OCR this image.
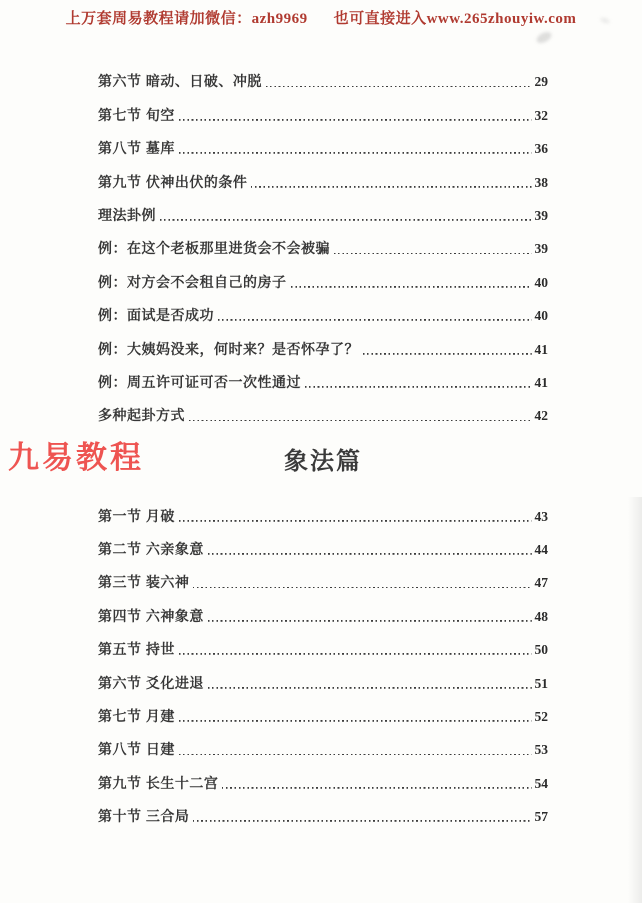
上万套周易教程请加微信：azh9969 也可直接进入www.265zhouyiw.com
第六节 暗动、日破、冲脱	29
第七节 旬空	32
第八节 墓库	36
第九节 伏神出伏的条件	38
理法卦例	39
例：在这个老板那里进货会不会被骗	39
例：对方会不会租自己的房子	40
例：面试是否成功	40
例：大姨妈没来，何时来？是否怀孕了？	41
例：周五许可证可否一次性通过	41
多种起卦方式	42
象法篇
第一节 月破	43
第二节 六亲象意	44
第三节 装六神	47
第四节 六神象意	48
第五节 持世	50
第六节 爻化进退	51
第七节 月建	52
第八节 日建	53
第九节 长生十二宫	54
第十节 三合局	57
九易教程
